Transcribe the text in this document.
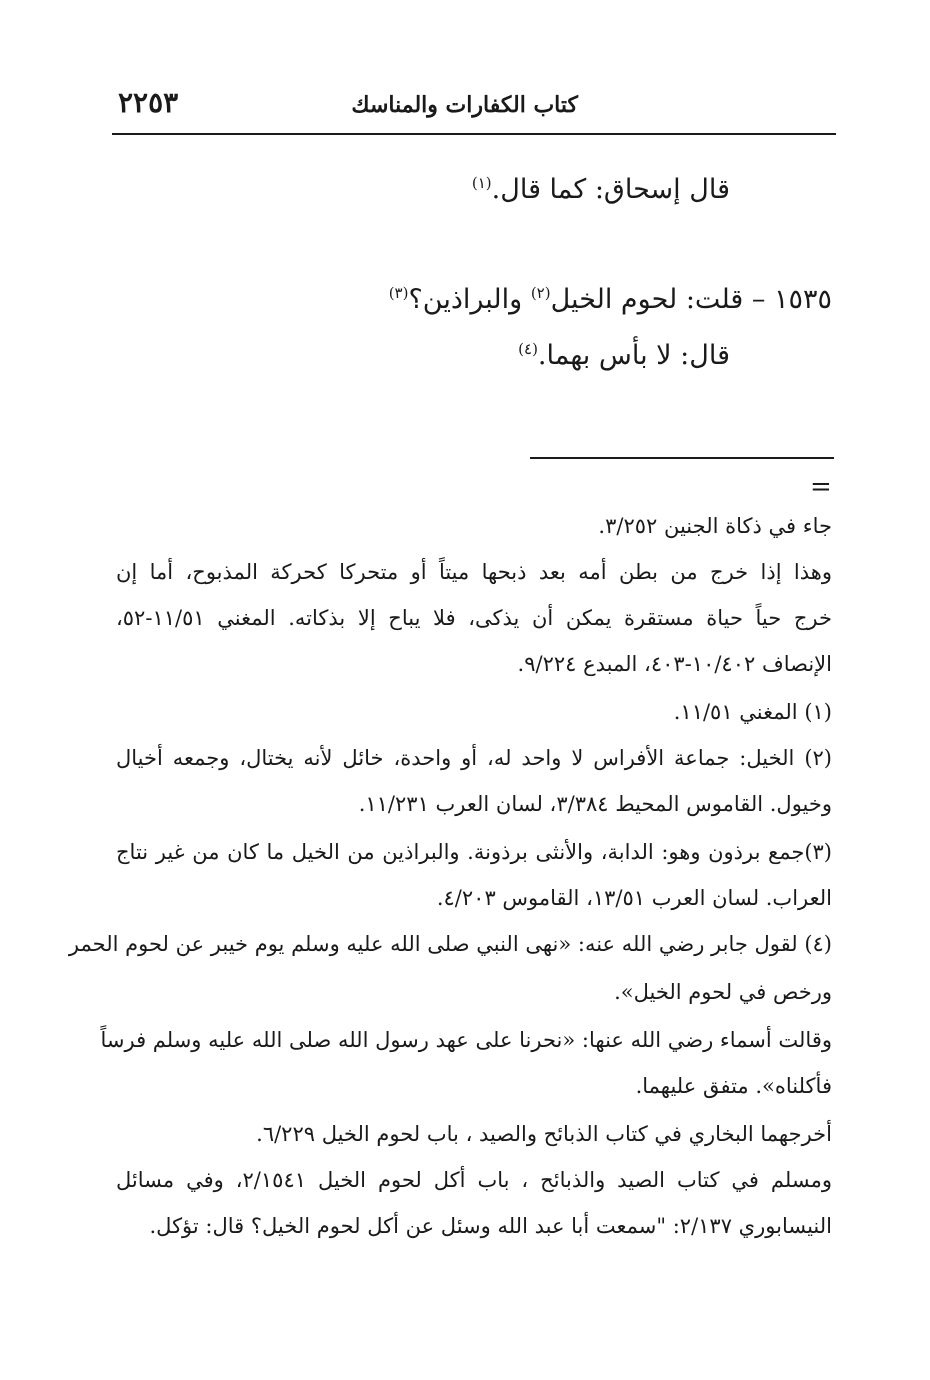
كتاب الكفارات والمناسك
٢٢٥٣
قال إسحاق: كما قال.$^{(١)}$
١٥٣٥ – قلت: لحوم الخيل$^{(٢)}$ والبراذين؟$^{(٣)}$
قال: لا بأس بهما.$^{(٤)}$
=
جاء في ذكاة الجنين ٣/٢٥٢.
وهذا إذا خرج من بطن أمه بعد ذبحها ميتاً أو متحركا كحركة المذبوح، أما إن
خرج حياً حياة مستقرة يمكن أن يذكى، فلا يباح إلا بذكاته. المغني ١١/٥١-٥٢،
الإنصاف ١٠/٤٠٢-٤٠٣، المبدع ٩/٢٢٤.
(١) المغني ١١/٥١.
(٢) الخيل: جماعة الأفراس لا واحد له، أو واحدة، خائل لأنه يختال، وجمعه أخيال
وخيول. القاموس المحيط ٣/٣٨٤، لسان العرب ١١/٢٣١.
(٣)جمع برذون وهو: الدابة، والأنثى برذونة. والبراذين من الخيل ما كان من غير نتاج
العراب. لسان العرب ١٣/٥١، القاموس ٤/٢٠٣.
(٤) لقول جابر رضي الله عنه: «نهى النبي صلى الله عليه وسلم يوم خيبر عن لحوم الحمر
ورخص في لحوم الخيل».
وقالت أسماء رضي الله عنها: «نحرنا على عهد رسول الله صلى الله عليه وسلم فرساً
فأكلناه». متفق عليهما.
أخرجهما البخاري في كتاب الذبائح والصيد ، باب لحوم الخيل ٦/٢٢٩.
ومسلم في كتاب الصيد والذبائح ، باب أكل لحوم الخيل ٢/١٥٤١، وفي مسائل
النيسابوري ٢/١٣٧: "سمعت أبا عبد الله وسئل عن أكل لحوم الخيل؟ قال: تؤكل.
